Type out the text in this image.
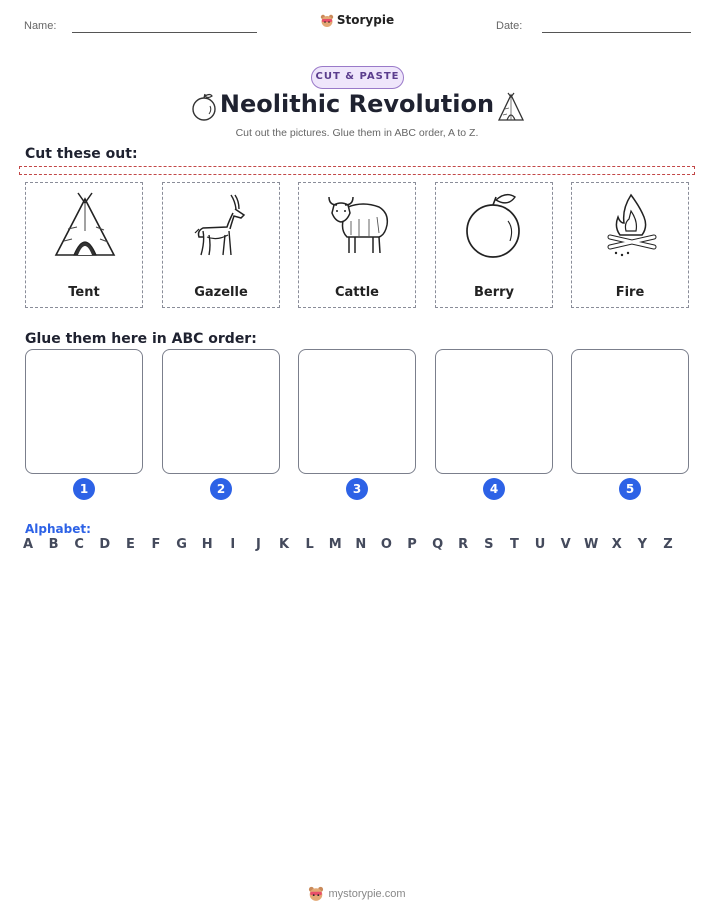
Name:	Storypie	Date:
CUT & PASTE
Neolithic Revolution
Cut out the pictures. Glue them in ABC order, A to Z.
Cut these out:
Tent	Gazelle	Cattle	Berry	Fire
Glue them here in ABC order:
1	2	3	4	5
Alphabet:
A	B	C	D	E	F	G	H	I	J	K	L	M	N	O	P	Q	R	S	T	U	V	W	X	Y	Z
mystorypie.com
